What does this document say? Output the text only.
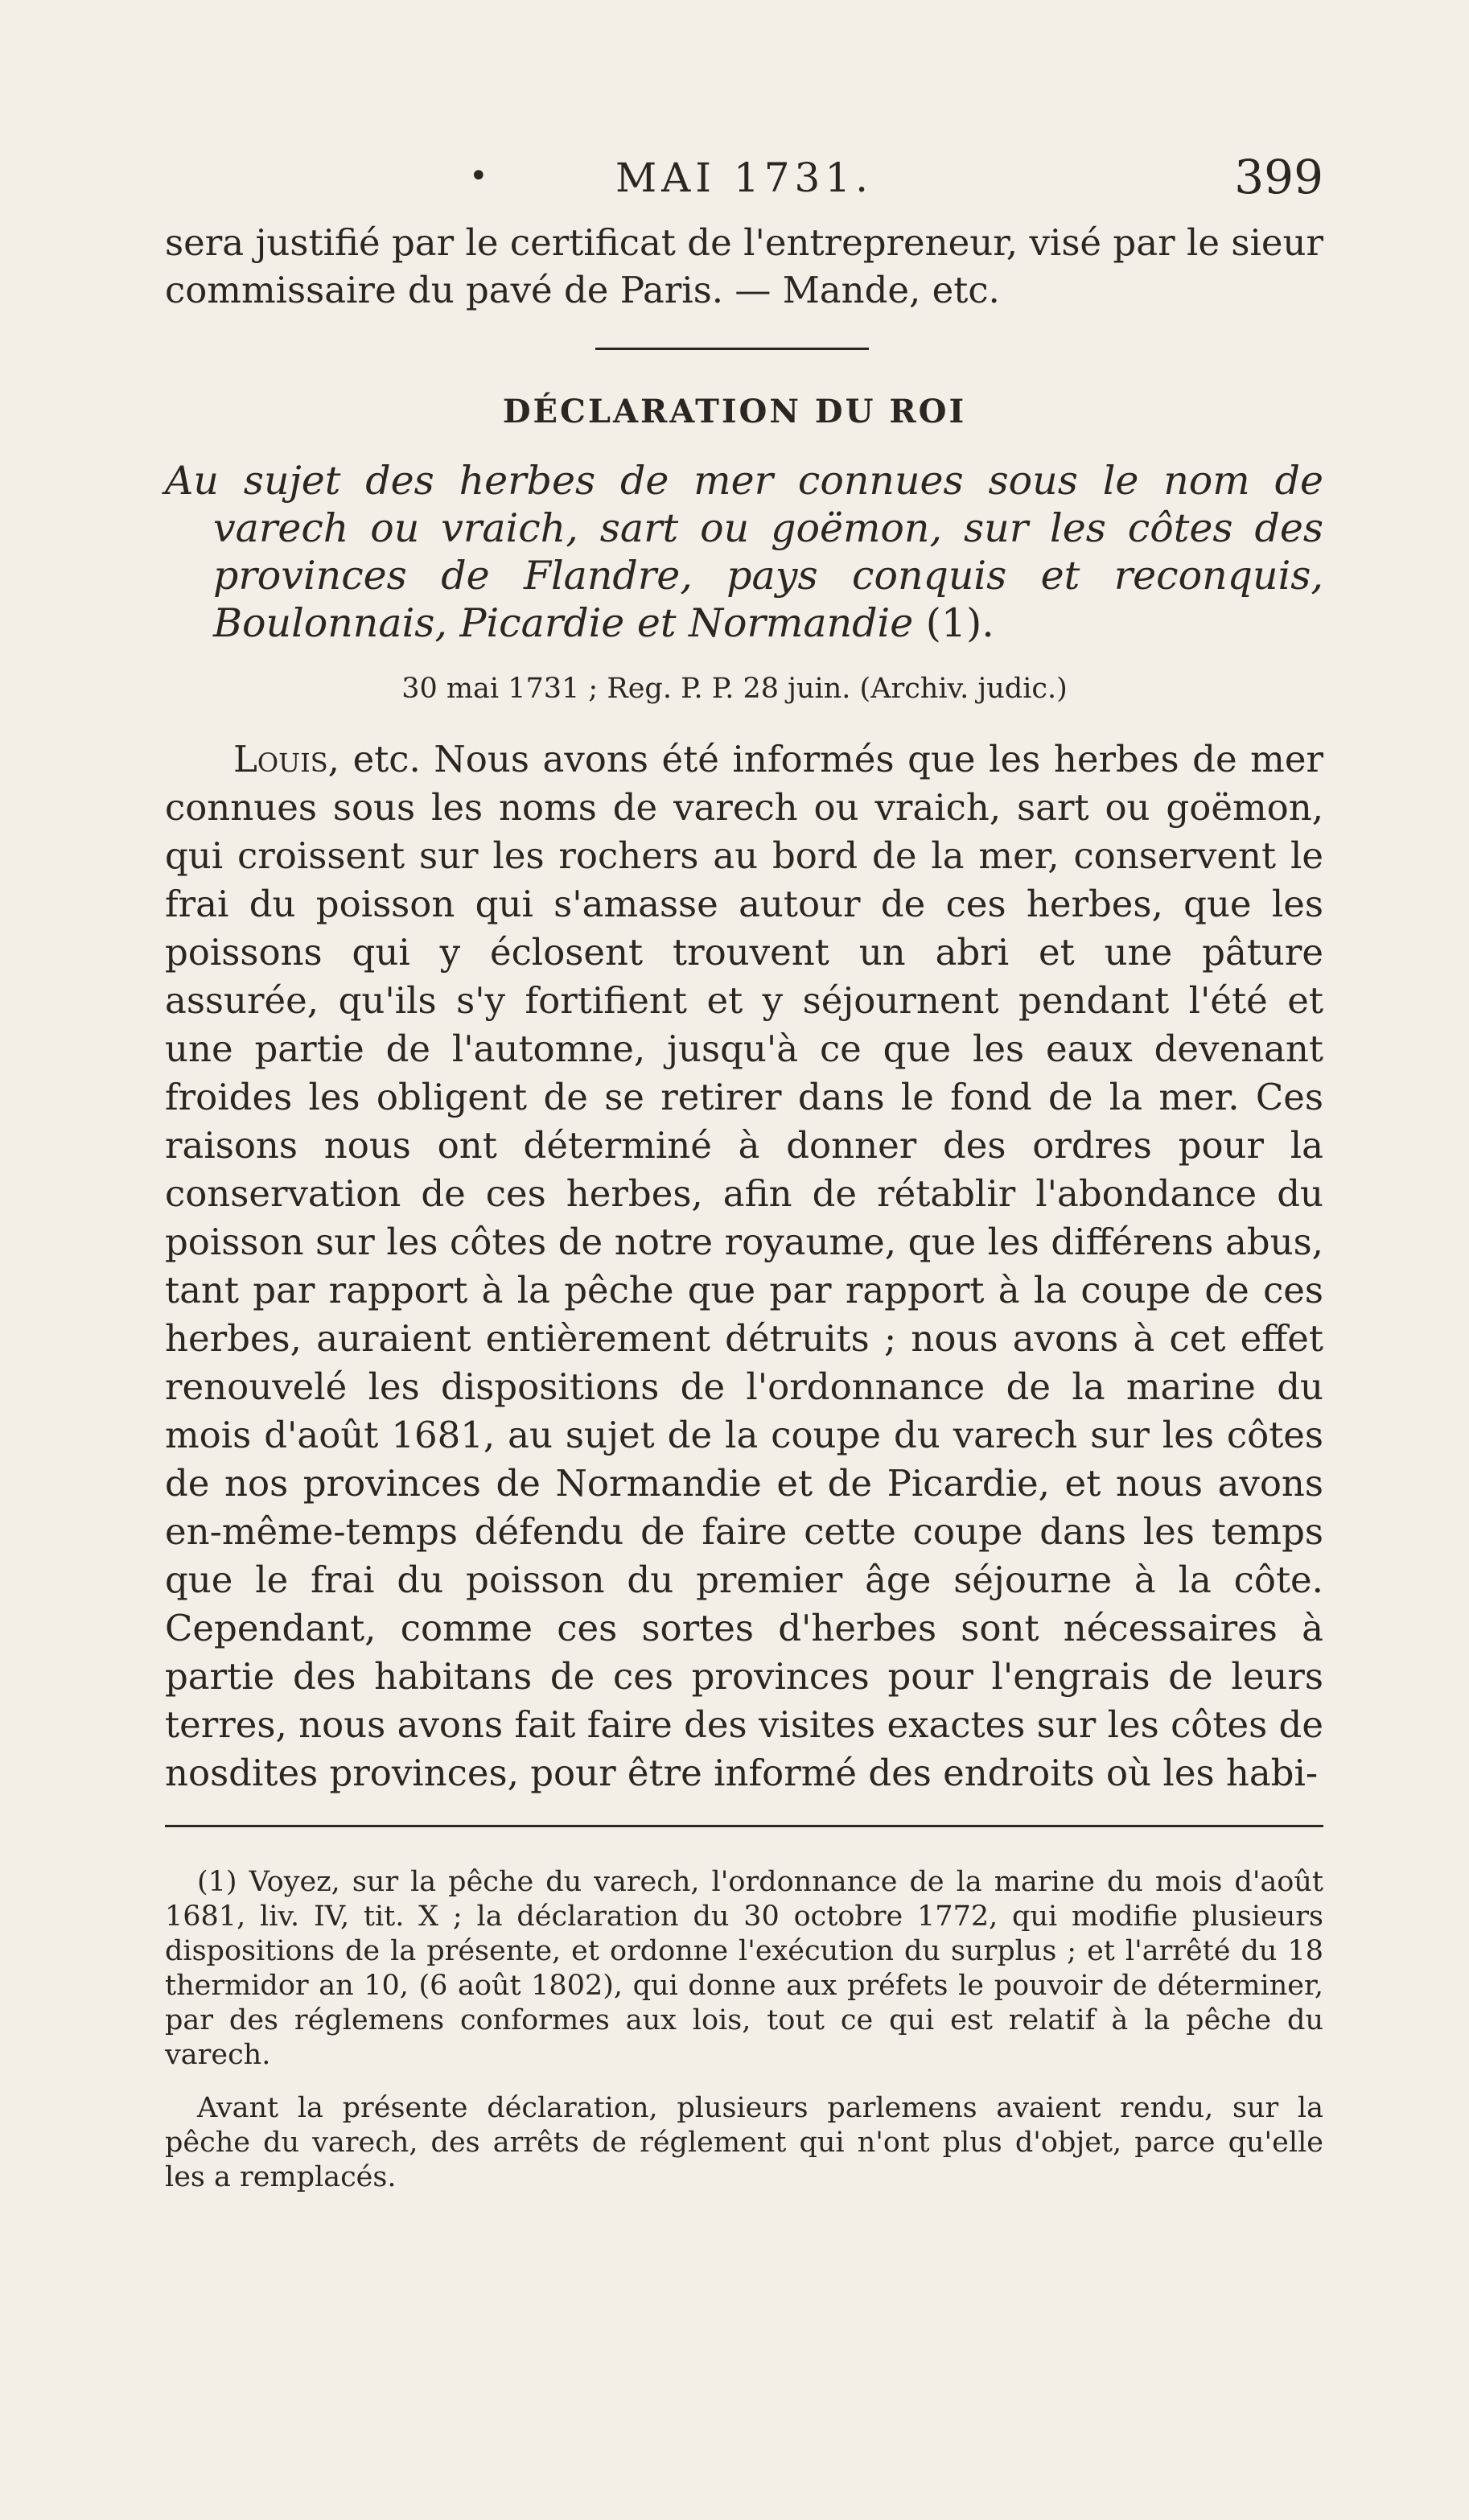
•	MAI 1731.	399
sera justifié par le certificat de l'entrepreneur, visé par le sieur commissaire du pavé de Paris. — Mande, etc.
DÉCLARATION DU ROI
Au sujet des herbes de mer connues sous le nom de varech ou vraich, sart ou goëmon, sur les côtes des provinces de Flandre, pays conquis et reconquis, Boulonnais, Picardie et Normandie (1).
30 mai 1731 ; Reg. P. P. 28 juin. (Archiv. judic.)
Louis, etc. Nous avons été informés que les herbes de mer connues sous les noms de varech ou vraich, sart ou goëmon, qui croissent sur les rochers au bord de la mer, conservent le frai du poisson qui s'amasse autour de ces herbes, que les poissons qui y éclosent trouvent un abri et une pâture assurée, qu'ils s'y fortifient et y séjournent pendant l'été et une partie de l'automne, jusqu'à ce que les eaux devenant froides les obligent de se retirer dans le fond de la mer. Ces raisons nous ont déterminé à donner des ordres pour la conservation de ces herbes, afin de rétablir l'abondance du poisson sur les côtes de notre royaume, que les différens abus, tant par rapport à la pêche que par rapport à la coupe de ces herbes, auraient entièrement détruits ; nous avons à cet effet renouvelé les dispositions de l'ordonnance de la marine du mois d'août 1681, au sujet de la coupe du varech sur les côtes de nos provinces de Normandie et de Picardie, et nous avons en-même-temps défendu de faire cette coupe dans les temps que le frai du poisson du premier âge séjourne à la côte. Cependant, comme ces sortes d'herbes sont nécessaires à partie des habitans de ces provinces pour l'engrais de leurs terres, nous avons fait faire des visites exactes sur les côtes de nosdites provinces, pour être informé des endroits où les habi-
(1) Voyez, sur la pêche du varech, l'ordonnance de la marine du mois d'août 1681, liv. IV, tit. X ; la déclaration du 30 octobre 1772, qui modifie plusieurs dispositions de la présente, et ordonne l'exécution du surplus ; et l'arrêté du 18 thermidor an 10, (6 août 1802), qui donne aux préfets le pouvoir de déterminer, par des réglemens conformes aux lois, tout ce qui est relatif à la pêche du varech.
Avant la présente déclaration, plusieurs parlemens avaient rendu, sur la pêche du varech, des arrêts de réglement qui n'ont plus d'objet, parce qu'elle les a remplacés.
